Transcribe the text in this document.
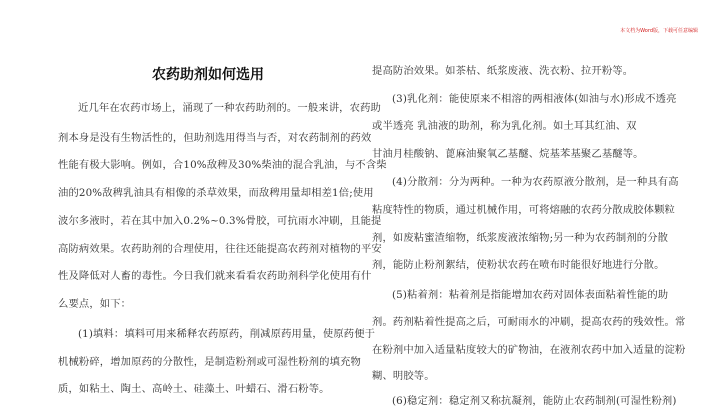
本文档为Word版，下载可任意编辑
农药助剂如何选用
近几年在农药市场上，涌现了一种农药助剂的。一般来讲，农药助
剂本身是没有生物活性的，但助剂选用得当与否，对农药制剂的药效
性能有极大影响。例如，合10%敌稗及30%柴油的混合乳油，与不含柴
油的20%敌稗乳油具有相像的杀草效果，而敌稗用量却相差1倍;使用
波尔多液时，若在其中加入0.2%~0.3%骨胶，可抗雨水冲刷，且能提
高防病效果。农药助剂的合理使用，往往还能提高农药剂对植物的平安
性及降低对人畜的毒性。今日我们就来看看农药助剂科学化使用有什
么要点，如下：
(1)填料：填料可用来稀释农药原药，削减原药用量，使原药便于
机械粉碎，增加原药的分散性，是制造粉剂或可湿性粉剂的填充物
质，如粘土、陶土、高岭土、硅藻土、叶蜡石、滑石粉等。
提高防治效果。如茶枯、纸浆废液、洗衣粉、拉开粉等。
(3)乳化剂：能使原来不相溶的两相液体(如油与水)形成不透亮
或半透亮 乳油液的助剂，称为乳化剂。如土耳其红油、双
甘油月桂酸钠、蓖麻油聚氧乙基醚、烷基苯基聚乙基醚等。
(4)分散剂：分为两种。一种为农药原液分散剂，是一种具有高
粘度特性的物质，通过机械作用，可将熔融的农药分散成胶体颗粒
剂，如废粘蜜渣缩物，纸浆废液浓缩物;另一种为农药制剂的分散
剂，能防止粉剂絮结，使粉状农药在喷布时能很好地进行分散。
(5)粘着剂：粘着剂是指能增加农药对固体表面粘着性能的助
剂。药剂粘着性提高之后，可耐雨水的冲刷，提高农药的残效性。常
在粉剂中加入适量粘度较大的矿物油，在液剂农药中加入适量的淀粉
糊、明胶等。
(6)稳定剂：稳定剂又称抗凝剂，能防止农药制剂(可湿性粉剂)
